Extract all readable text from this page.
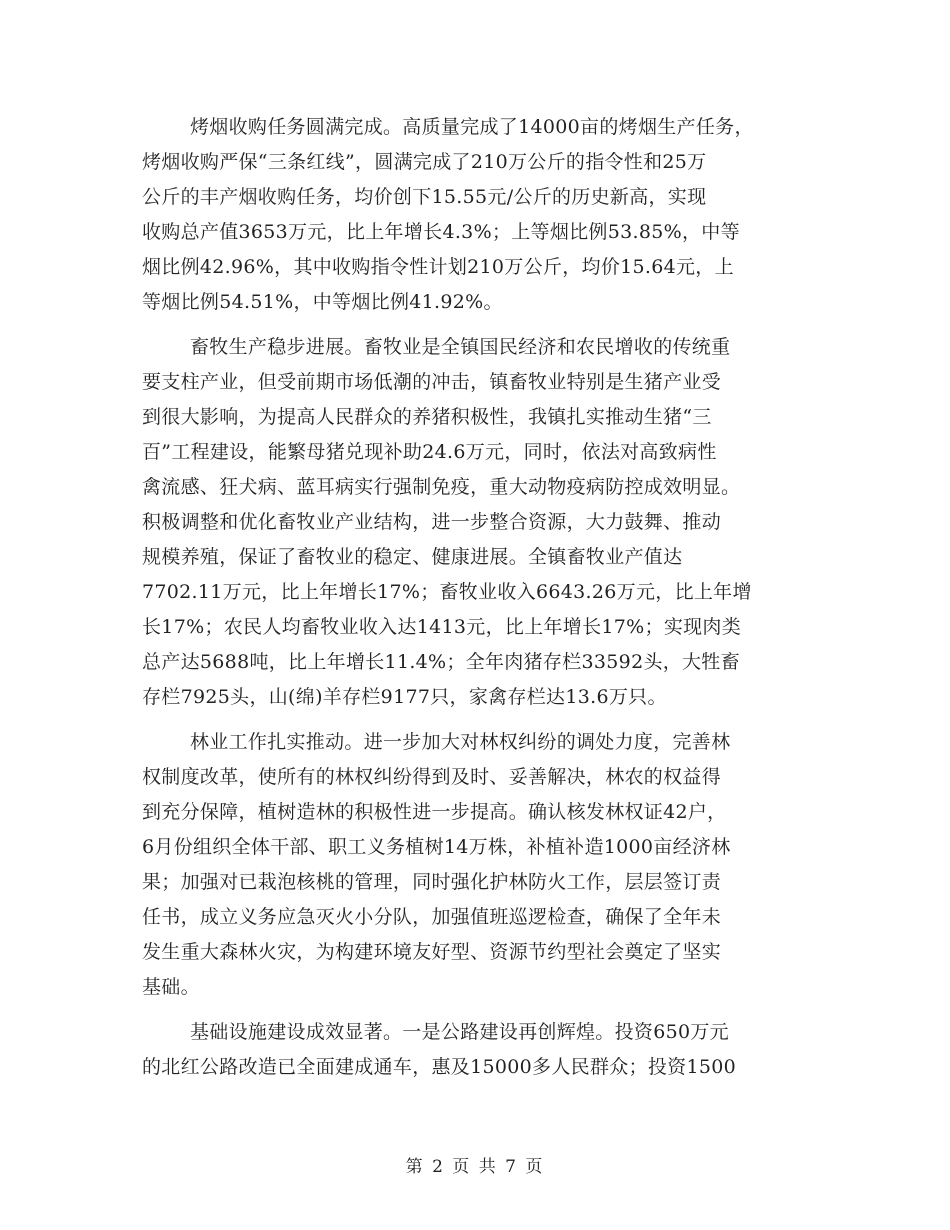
烤烟收购任务圆满完成。高质量完成了14000亩的烤烟生产任务，
烤烟收购严保“三条红线”，圆满完成了210万公斤的指令性和25万
公斤的丰产烟收购任务，均价创下15.55元/公斤的历史新高，实现
收购总产值3653万元，比上年增长4.3%；上等烟比例53.85%，中等
烟比例42.96%，其中收购指令性计划210万公斤，均价15.64元，上
等烟比例54.51%，中等烟比例41.92%。
畜牧生产稳步进展。畜牧业是全镇国民经济和农民增收的传统重
要支柱产业，但受前期市场低潮的冲击，镇畜牧业特别是生猪产业受
到很大影响，为提高人民群众的养猪积极性，我镇扎实推动生猪“三
百”工程建设，能繁母猪兑现补助24.6万元，同时，依法对高致病性
禽流感、狂犬病、蓝耳病实行强制免疫，重大动物疫病防控成效明显。
积极调整和优化畜牧业产业结构，进一步整合资源，大力鼓舞、推动
规模养殖，保证了畜牧业的稳定、健康进展。全镇畜牧业产值达
7702.11万元，比上年增长17%；畜牧业收入6643.26万元，比上年增
长17%；农民人均畜牧业收入达1413元，比上年增长17%；实现肉类
总产达5688吨，比上年增长11.4%；全年肉猪存栏33592头，大牲畜
存栏7925头，山(绵)羊存栏9177只，家禽存栏达13.6万只。
林业工作扎实推动。进一步加大对林权纠纷的调处力度，完善林
权制度改革，使所有的林权纠纷得到及时、妥善解决，林农的权益得
到充分保障，植树造林的积极性进一步提高。确认核发林权证42户，
6月份组织全体干部、职工义务植树14万株，补植补造1000亩经济林
果；加强对已栽泡核桃的管理，同时强化护林防火工作，层层签订责
任书，成立义务应急灭火小分队，加强值班巡逻检查，确保了全年未
发生重大森林火灾，为构建环境友好型、资源节约型社会奠定了坚实
基础。
基础设施建设成效显著。一是公路建设再创辉煌。投资650万元
的北红公路改造已全面建成通车，惠及15000多人民群众；投资1500
第 2 页 共 7 页
